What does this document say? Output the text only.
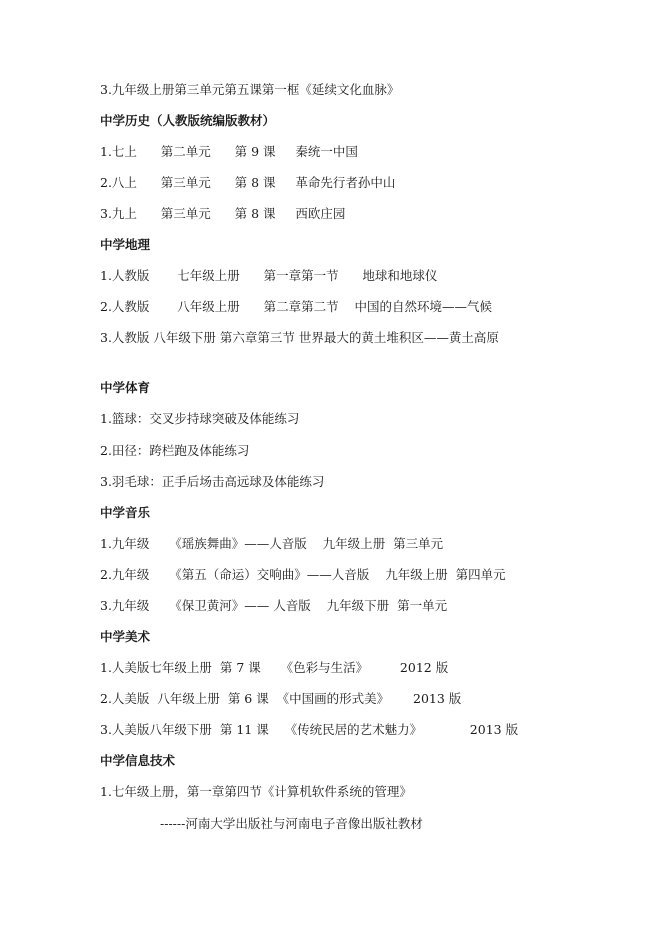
3.九年级上册第三单元第五课第一框《延续文化血脉》
中学历史（人教版统编版教材）
1.七上      第二单元      第 9 课     秦统一中国
2.八上      第三单元      第 8 课     革命先行者孙中山
3.九上      第三单元      第 8 课     西欧庄园
中学地理
1.人教版       七年级上册      第一章第一节      地球和地球仪
2.人教版       八年级上册      第二章第二节    中国的自然环境——气候
3.人教版 八年级下册 第六章第三节 世界最大的黄土堆积区——黄土高原
中学体育
1.篮球：交叉步持球突破及体能练习
2.田径：跨栏跑及体能练习
3.羽毛球：正手后场击高远球及体能练习
中学音乐
1.九年级     《瑶族舞曲》——人音版    九年级上册  第三单元
2.九年级     《第五（命运）交响曲》——人音版    九年级上册  第四单元
3.九年级     《保卫黄河》—— 人音版    九年级下册  第一单元
中学美术
1.人美版七年级上册  第 7 课     《色彩与生活》        2012 版
2.人美版  八年级上册  第 6 课  《中国画的形式美》      2013 版
3.人美版八年级下册  第 11 课    《传统民居的艺术魅力》            2013 版
中学信息技术
1.七年级上册，第一章第四节《计算机软件系统的管理》
------河南大学出版社与河南电子音像出版社教材
